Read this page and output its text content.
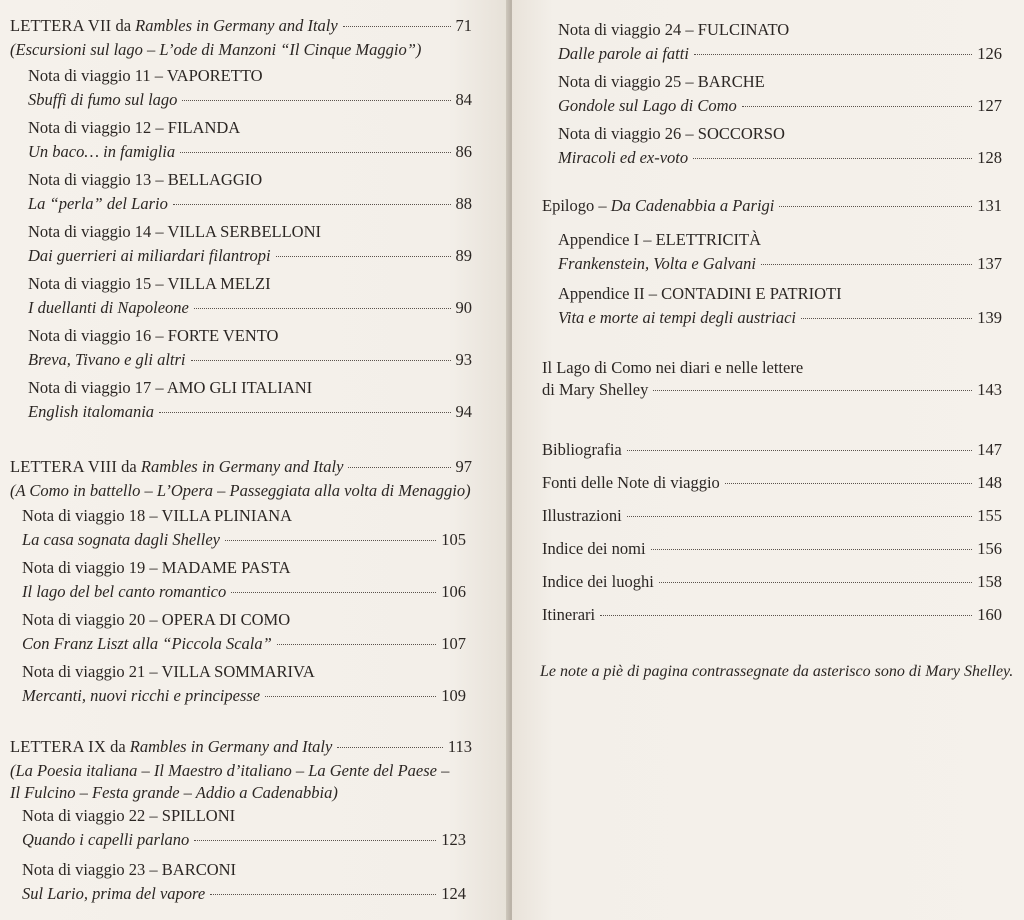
LETTERA VII da Rambles in Germany and Italy	71
(Escursioni sul lago – L’ode di Manzoni “Il Cinque Maggio”)
Nota di viaggio 11 – VAPORETTO
Sbuffi di fumo sul lago	84
Nota di viaggio 12 – FILANDA
Un baco… in famiglia	86
Nota di viaggio 13 – BELLAGGIO
La “perla” del Lario	88
Nota di viaggio 14 – VILLA SERBELLONI
Dai guerrieri ai miliardari filantropi	89
Nota di viaggio 15 – VILLA MELZI
I duellanti di Napoleone	90
Nota di viaggio 16 – FORTE VENTO
Breva, Tivano e gli altri	93
Nota di viaggio 17 – AMO GLI ITALIANI
English italomania	94
LETTERA VIII da Rambles in Germany and Italy	97
(A Como in battello – L’Opera – Passeggiata alla volta di Menaggio)
Nota di viaggio 18 – VILLA PLINIANA
La casa sognata dagli Shelley	105
Nota di viaggio 19 – MADAME PASTA
Il lago del bel canto romantico	106
Nota di viaggio 20 – OPERA DI COMO
Con Franz Liszt alla “Piccola Scala”	107
Nota di viaggio 21 – VILLA SOMMARIVA
Mercanti, nuovi ricchi e principesse	109
LETTERA IX da Rambles in Germany and Italy	113
(La Poesia italiana – Il Maestro d’italiano – La Gente del Paese –
Il Fulcino – Festa grande – Addio a Cadenabbia)
Nota di viaggio 22 – SPILLONI
Quando i capelli parlano	123
Nota di viaggio 23 – BARCONI
Sul Lario, prima del vapore	124
Nota di viaggio 24 – FULCINATO
Dalle parole ai fatti	126
Nota di viaggio 25 – BARCHE
Gondole sul Lago di Como	127
Nota di viaggio 26 – SOCCORSO
Miracoli ed ex-voto	128
Epilogo – Da Cadenabbia a Parigi	131
Appendice I – ELETTRICITÀ
Frankenstein, Volta e Galvani	137
Appendice II – CONTADINI E PATRIOTI
Vita e morte ai tempi degli austriaci	139
Il Lago di Como nei diari e nelle lettere
di Mary Shelley	143
Bibliografia	147
Fonti delle Note di viaggio	148
Illustrazioni	155
Indice dei nomi	156
Indice dei luoghi	158
Itinerari	160
Le note a piè di pagina contrassegnate da asterisco sono di Mary Shelley.
